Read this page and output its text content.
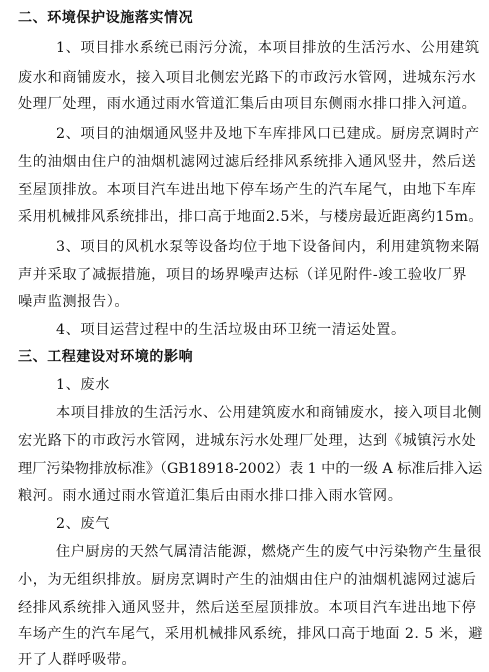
二、环境保护设施落实情况
1、项目排水系统已雨污分流，本项目排放的生活污水、公用建筑
废水和商铺废水，接入项目北侧宏光路下的市政污水管网，进城东污水
处理厂处理，雨水通过雨水管道汇集后由项目东侧雨水排口排入河道。
2、项目的油烟通风竖井及地下车库排风口已建成。厨房烹调时产
生的油烟由住户的油烟机滤网过滤后经排风系统排入通风竖井，然后送
至屋顶排放。本项目汽车进出地下停车场产生的汽车尾气，由地下车库
采用机械排风系统排出，排口高于地面2.5米，与楼房最近距离约15m。
3、项目的风机水泵等设备均位于地下设备间内，利用建筑物来隔
声并采取了减振措施，项目的场界噪声达标（详见附件-竣工验收厂界
噪声监测报告）。
4、项目运营过程中的生活垃圾由环卫统一清运处置。
三、工程建设对环境的影响
1、废水
本项目排放的生活污水、公用建筑废水和商铺废水，接入项目北侧
宏光路下的市政污水管网，进城东污水处理厂处理，达到《城镇污水处
理厂污染物排放标准》（GB18918-2002）表 1 中的一级 A 标准后排入运
粮河。雨水通过雨水管道汇集后由雨水排口排入雨水管网。
2、废气
住户厨房的天然气属清洁能源，燃烧产生的废气中污染物产生量很
小，为无组织排放。厨房烹调时产生的油烟由住户的油烟机滤网过滤后
经排风系统排入通风竖井，然后送至屋顶排放。本项目汽车进出地下停
车场产生的汽车尾气，采用机械排风系统，排风口高于地面 2. 5 米，避
开了人群呼吸带。
